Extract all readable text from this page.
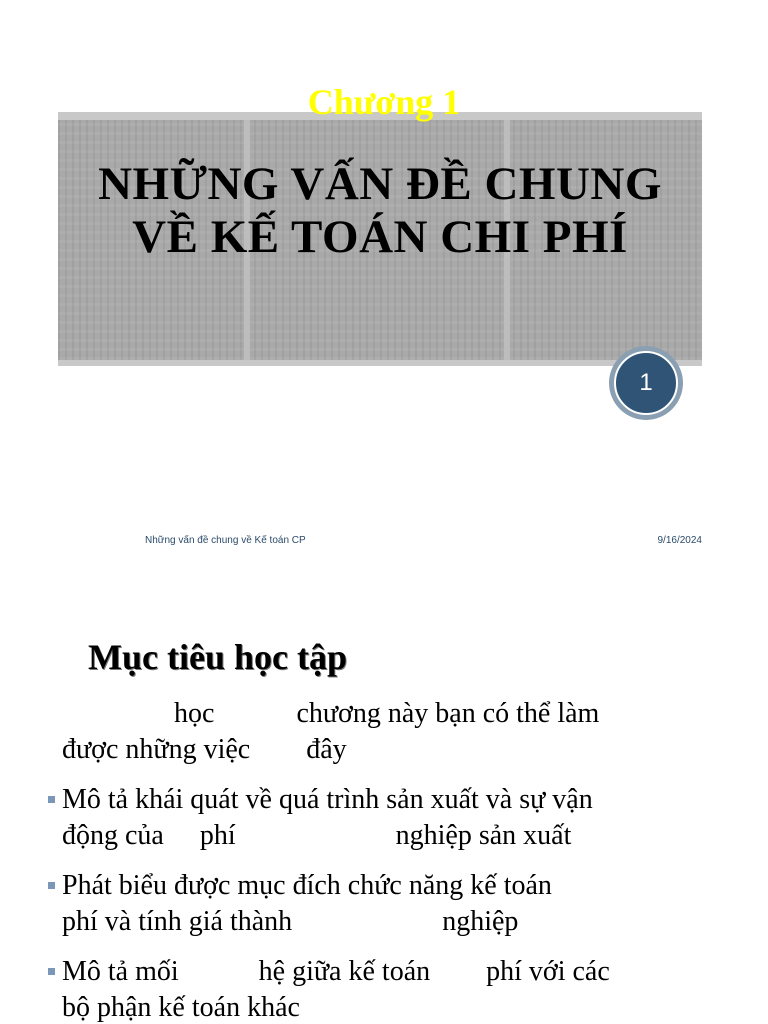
Chương 1
NHỮNG VẤN ĐỀ CHUNG
VỀ KẾ TOÁN CHI PHÍ
1
Những vấn đề chung về Kế toán CP	9/16/2024
Mục tiêu học tập
học	chương này bạn có thể làm
được những việc đây
Mô tả khái quát về quá trình sản xuất và sự vận
động của phí	nghiệp sản xuất
Phát biểu được mục đích chức năng kế toán
phí và tính giá thành	nghiệp
Mô tả mối	hệ giữa kế toán phí với các
bộ phận kế toán khác
